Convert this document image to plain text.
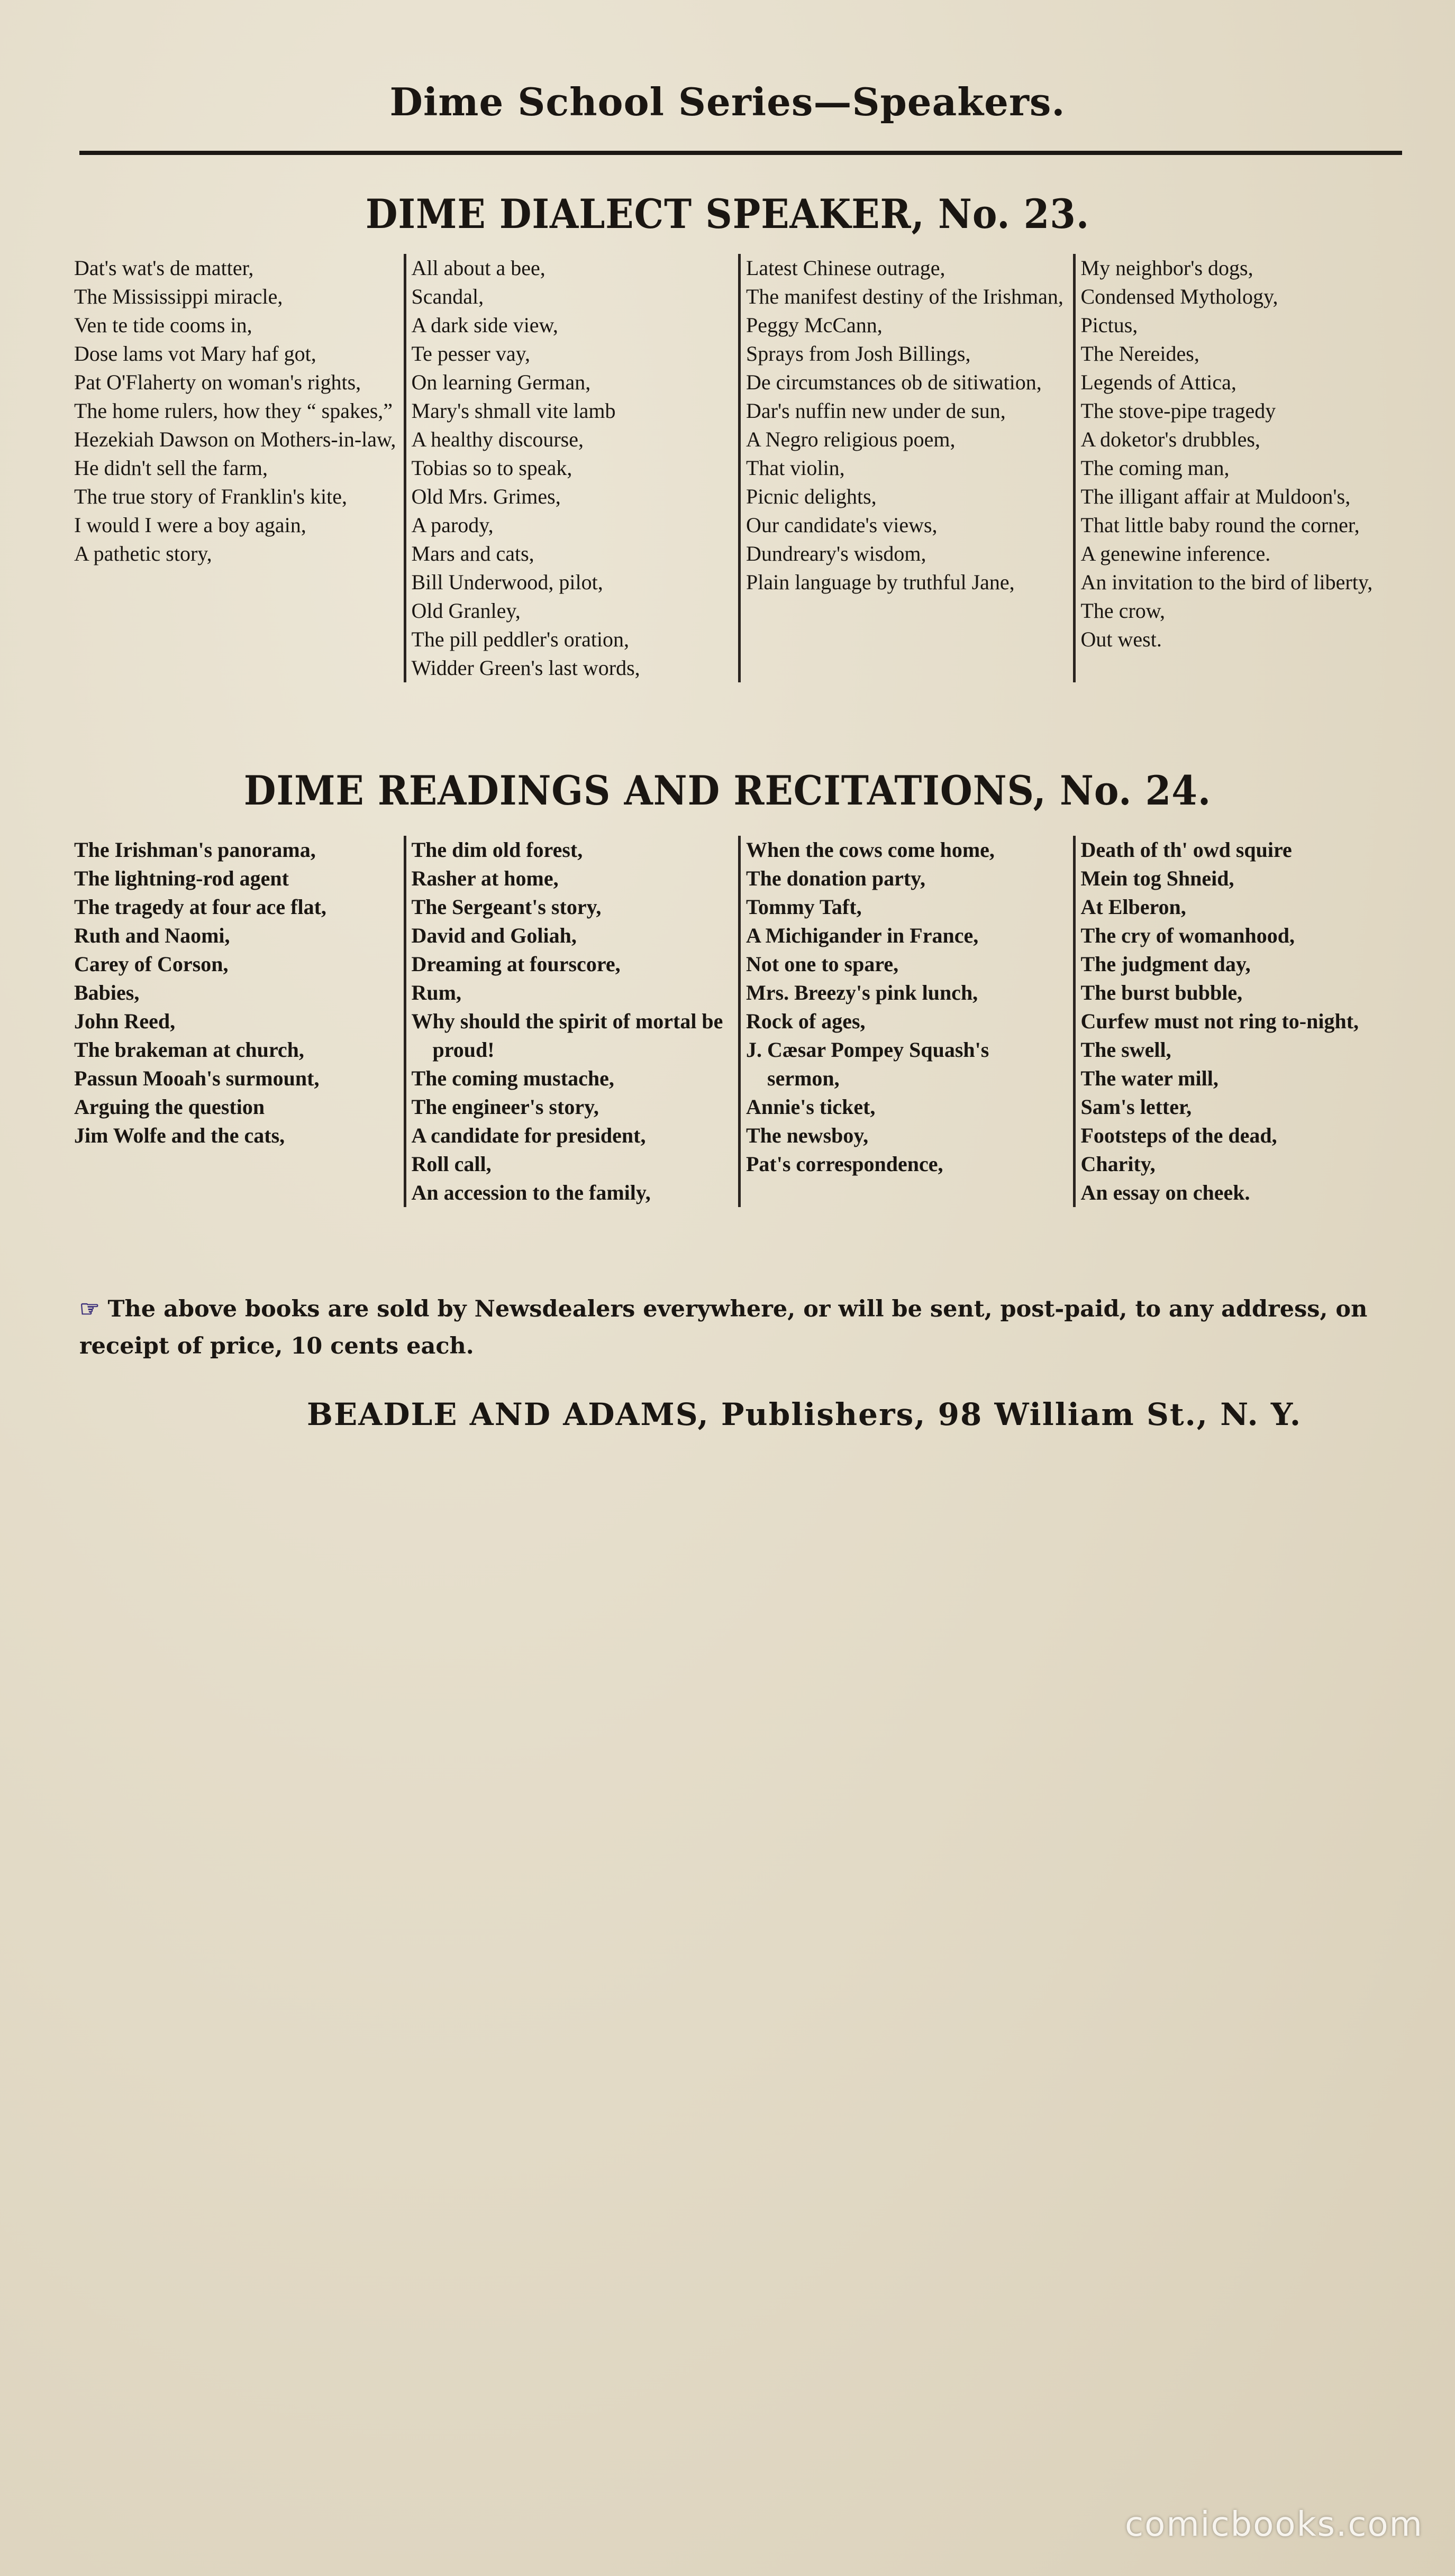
Dime School Series—Speakers.
DIME DIALECT SPEAKER, No. 23.

Dat's wat's de matter,

The Mississippi miracle,

Ven te tide cooms in,

Dose lams vot Mary haf got,

Pat O'Flaherty on woman's rights,

The home rulers, how they “ spakes,”

Hezekiah Dawson on Mothers-in-law,

He didn't sell the farm,

The true story of Franklin's kite,

I would I were a boy again,

A pathetic story,

All about a bee,

Scandal,

A dark side view,

Te pesser vay,

On learning German,

Mary's shmall vite lamb

A healthy discourse,

Tobias so to speak,

Old Mrs. Grimes,

A parody,

Mars and cats,

Bill Underwood, pilot,

Old Granley,

The pill peddler's oration,

Widder Green's last words,

Latest Chinese outrage,

The manifest destiny of the Irishman,

Peggy McCann,

Sprays from Josh Billings,

De circumstances ob de sitiwation,

Dar's nuffin new under de sun,

A Negro religious poem,

That violin,

Picnic delights,

Our candidate's views,

Dundreary's wisdom,

Plain language by truthful Jane,

My neighbor's dogs,

Condensed Mythology,

Pictus,

The Nereides,

Legends of Attica,

The stove-pipe tragedy

A doketor's drubbles,

The coming man,

The illigant affair at Muldoon's,

That little baby round the corner,

A genewine inference.

An invitation to the bird of liberty,

The crow,

Out west.

DIME READINGS AND RECITATIONS, No. 24.

The Irishman's panorama,

The lightning-rod agent

The tragedy at four ace flat,

Ruth and Naomi,

Carey of Corson,

Babies,

John Reed,

The brakeman at church,

Passun Mooah's surmount,

Arguing the question

Jim Wolfe and the cats,

The dim old forest,

Rasher at home,

The Sergeant's story,

David and Goliah,

Dreaming at fourscore,

Rum,

Why should the spirit of mortal be proud!

The coming mustache,

The engineer's story,

A candidate for president,

Roll call,

An accession to the family,

When the cows come home,

The donation party,

Tommy Taft,

A Michigander in France,

Not one to spare,

Mrs. Breezy's pink lunch,

Rock of ages,

J. Cæsar Pompey Squash's sermon,

Annie's ticket,

The newsboy,

Pat's correspondence,

Death of th' owd squire

Mein tog Shneid,

At Elberon,

The cry of womanhood,

The judgment day,

The burst bubble,

Curfew must not ring to-night,

The swell,

The water mill,

Sam's letter,

Footsteps of the dead,

Charity,

An essay on cheek.

☞ The above books are sold by Newsdealers everywhere, or will be sent, post-paid, to any address, on receipt of price, 10 cents each.
BEADLE AND ADAMS, Publishers, 98 William St., N. Y.
comicbooks.com
